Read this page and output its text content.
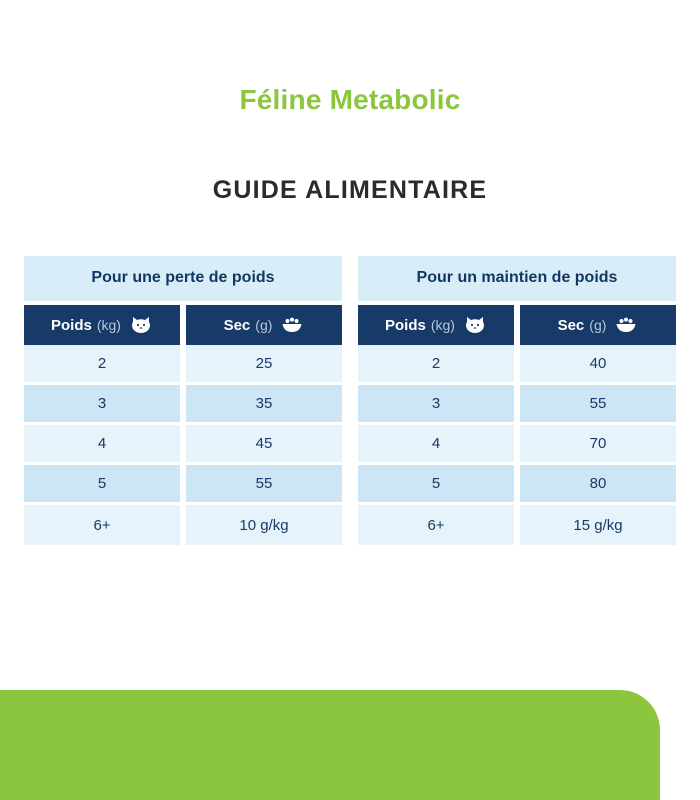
Féline Metabolic
GUIDE ALIMENTAIRE
Pour une perte de poids
Poids (kg)
2
3
4
5
6+
Sec (g)
25
35
45
55
10 g/kg
Pour un maintien de poids
Poids (kg)
2
3
4
5
6+
Sec (g)
40
55
70
80
15 g/kg
